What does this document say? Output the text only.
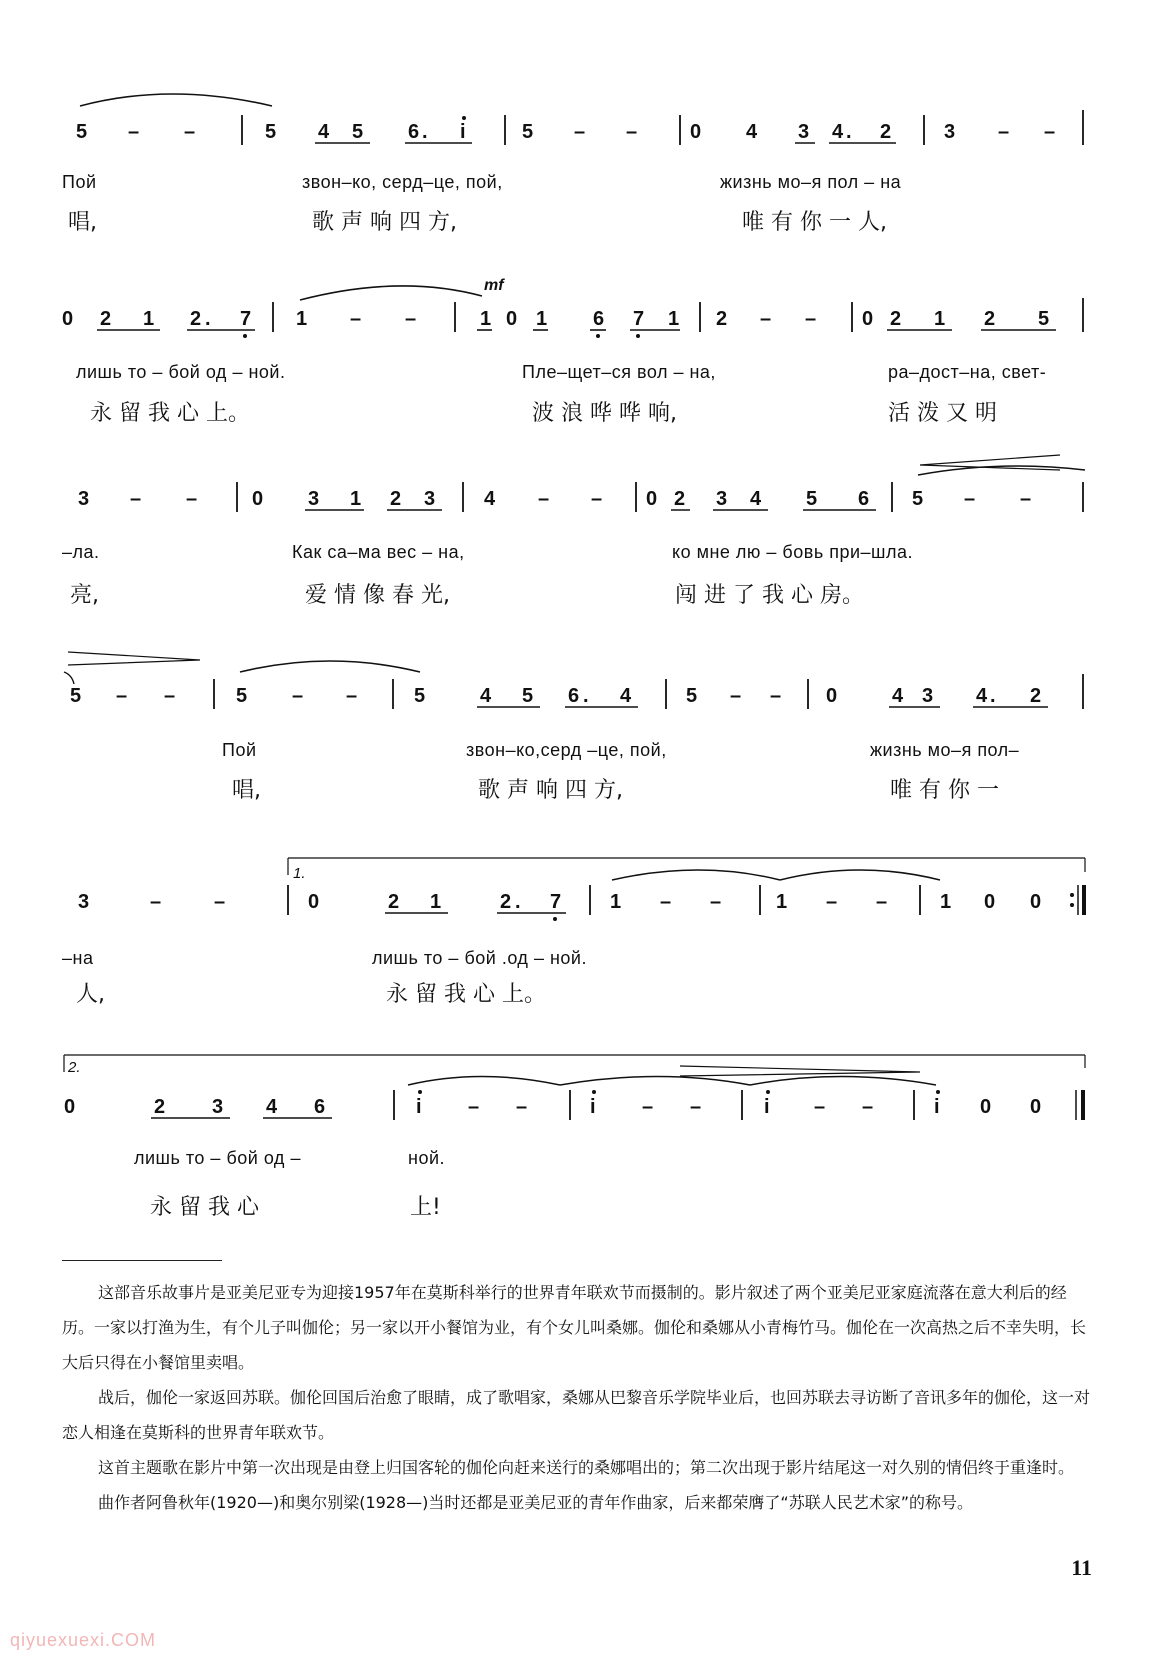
5 – –	5 4 5 6 . i	5 – –	0 4 3 4 . 2	3 – –
0 2 1 2 . 7 1 – –	1 0 1 6 7 1 2 – – 0 2 1 2 5
3 – –	0 3 1 2 3 4 – – 0 2 3 4 5 6 5 – –
5 – –	5 – –	5	4 5 6 . 4	5 – – 0	4 3 4 . 2
1.
3	–	–	0	2 1	2 . 7 1 – –	1 – –	1 0 0
2.
0	2 3 4 6	i – –	i – –	i – –	i 0 0
mf
Пой	звон–ко, серд–це, пой,	жизнь мо–я пол – на
唱,	歌 声 响 四 方,	唯 有 你 一 人,
лишь то – бой од – ной.	Пле–щет–ся вол – на,	ра–дост–на, свет-
永 留 我 心 上。	波 浪 哗 哗 响,	活 泼 又 明
–ла.	Как са–ма вес – на,	ко мне лю – бовь при–шла.
亮,	爱 情 像 春 光,	闯 进 了 我 心 房。
Пой	звон–ко,серд –це, пой,	жизнь мо–я пол–
唱,	歌 声 响 四 方,	唯 有 你 一
–на	лишь то – бой .од – ной.
人,	永 留 我 心 上。
лишь то – бой од –	ной.
永 留 我 心	上!

这部音乐故事片是亚美尼亚专为迎接1957年在莫斯科举行的世界青年联欢节而摄制的。影片叙述了两个亚美尼亚家庭流落在意大利后的经历。一家以打渔为生，有个儿子叫伽伦；另一家以开小餐馆为业，有个女儿叫桑娜。伽伦和桑娜从小青梅竹马。伽伦在一次高热之后不幸失明，长大后只得在小餐馆里卖唱。

战后，伽伦一家返回苏联。伽伦回国后治愈了眼睛，成了歌唱家，桑娜从巴黎音乐学院毕业后，也回苏联去寻访断了音讯多年的伽伦，这一对恋人相逢在莫斯科的世界青年联欢节。

这首主题歌在影片中第一次出现是由登上归国客轮的伽伦向赶来送行的桑娜唱出的；第二次出现于影片结尾这一对久别的情侣终于重逢时。

曲作者阿鲁秋年(1920—)和奥尔别梁(1928—)当时还都是亚美尼亚的青年作曲家，后来都荣膺了“苏联人民艺术家”的称号。

11
qiyuexuexi.COM
